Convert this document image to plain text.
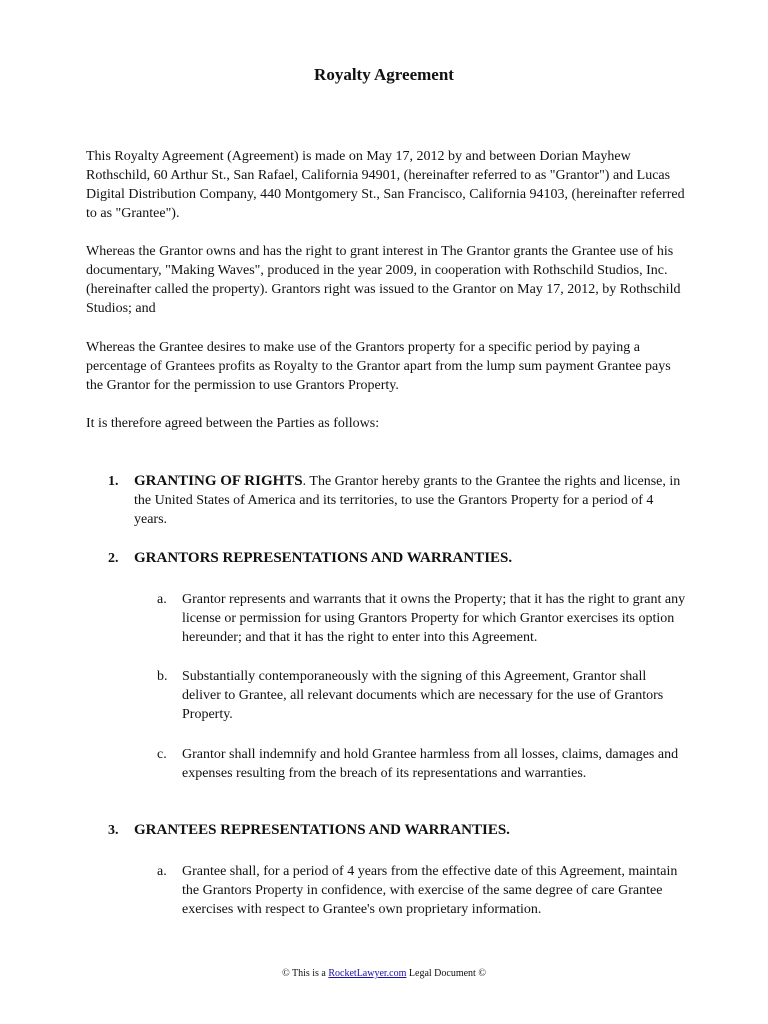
Royalty Agreement
This Royalty Agreement (Agreement) is made on May 17, 2012 by and between Dorian Mayhew Rothschild, 60 Arthur St., San Rafael, California 94901, (hereinafter referred to as "Grantor") and Lucas Digital Distribution Company, 440 Montgomery St., San Francisco, California 94103, (hereinafter referred to as "Grantee").
Whereas the Grantor owns and has the right to grant interest in The Grantor grants the Grantee use of his documentary, "Making Waves", produced in the year 2009, in cooperation with Rothschild Studios, Inc. (hereinafter called the property). Grantors right was issued to the Grantor on May 17, 2012, by Rothschild Studios; and
Whereas the Grantee desires to make use of the Grantors property for a specific period by paying a percentage of Grantees profits as Royalty to the Grantor apart from the lump sum payment Grantee pays the Grantor for the permission to use Grantors Property.
It is therefore agreed between the Parties as follows:
1. GRANTING OF RIGHTS. The Grantor hereby grants to the Grantee the rights and license, in the United States of America and its territories, to use the Grantors Property for a period of 4 years.
2. GRANTORS REPRESENTATIONS AND WARRANTIES.
a. Grantor represents and warrants that it owns the Property; that it has the right to grant any license or permission for using Grantors Property for which Grantor exercises its option hereunder; and that it has the right to enter into this Agreement.
b. Substantially contemporaneously with the signing of this Agreement, Grantor shall deliver to Grantee, all relevant documents which are necessary for the use of Grantors Property.
c. Grantor shall indemnify and hold Grantee harmless from all losses, claims, damages and expenses resulting from the breach of its representations and warranties.
3. GRANTEES REPRESENTATIONS AND WARRANTIES.
a. Grantee shall, for a period of 4 years from the effective date of this Agreement, maintain the Grantors Property in confidence, with exercise of the same degree of care Grantee exercises with respect to Grantee's own proprietary information.
© This is a RocketLawyer.com Legal Document ©
